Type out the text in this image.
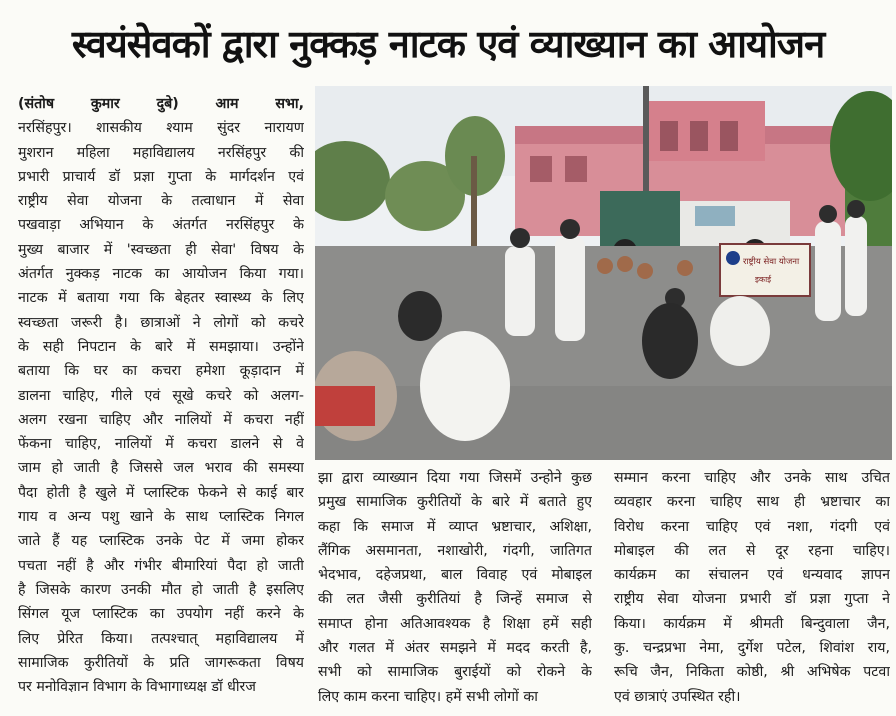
स्वयंसेवकों द्वारा नुक्कड़ नाटक एवं व्याख्यान का आयोजन
(संतोष कुमार दुबे) आम सभा,
नरसिंहपुर। शासकीय श्याम सुंदर नारायण
मुशरान महिला महाविद्यालय नरसिंहपुर की
प्रभारी प्राचार्य डॉ प्रज्ञा गुप्ता के मार्गदर्शन एवं
राष्ट्रीय सेवा योजना के तत्वाधान में सेवा
पखवाड़ा अभियान के अंतर्गत नरसिंहपुर के
मुख्य बाजार में 'स्वच्छता ही सेवा' विषय के
अंतर्गत नुक्कड़ नाटक का आयोजन किया गया।
नाटक में बताया गया कि बेहतर स्वास्थ्य के लिए
स्वच्छता जरूरी है। छात्राओं ने लोगों को कचरे
के सही निपटान के बारे में समझाया। उन्होंने
बताया कि घर का कचरा हमेशा कूड़ादान में
डालना चाहिए, गीले एवं सूखे कचरे को अलग-
अलग रखना चाहिए और नालियों में कचरा नहीं
फेंकना चाहिए, नालियों में कचरा डालने से वे
जाम हो जाती है जिससे जल भराव की समस्या
पैदा होती है खुले में प्लास्टिक फेकने से काई बार
गाय व अन्य पशु खाने के साथ प्लास्टिक निगल
जाते हैं यह प्लास्टिक उनके पेट में जमा होकर
पचता नहीं है और गंभीर बीमारियां पैदा हो जाती
है जिसके कारण उनकी मौत हो जाती है इसलिए
सिंगल यूज प्लास्टिक का उपयोग नहीं करने के
लिए प्रेरित किया। तत्पश्चात् महाविद्यालय में
सामाजिक कुरीतियों के प्रति जागरूकता विषय
पर मनोविज्ञान विभाग के विभागाध्यक्ष डॉ धीरज
राष्ट्रीय सेवा योजना
इकाई
झा द्वारा व्याख्यान दिया गया जिसमें उन्होने कुछ
प्रमुख सामाजिक कुरीतियों के बारे में बताते हुए
कहा कि समाज में व्याप्त भ्रष्टाचार, अशिक्षा,
लैंगिक असमानता, नशाखोरी, गंदगी, जातिगत
भेदभाव, दहेजप्रथा, बाल विवाह एवं मोबाइल
की लत जैसी कुरीतियां है जिन्हें समाज से
समाप्त होना अतिआवश्यक है शिक्षा हमें सही
और गलत में अंतर समझने में मदद करती है,
सभी को सामाजिक बुराईयों को रोकने के
लिए काम करना चाहिए। हमें सभी लोगों का
सम्मान करना चाहिए और उनके साथ उचित
व्यवहार करना चाहिए साथ ही भ्रष्टाचार का
विरोध करना चाहिए एवं नशा, गंदगी एवं
मोबाइल की लत से दूर रहना चाहिए।
कार्यक्रम का संचालन एवं धन्यवाद ज्ञापन
राष्ट्रीय सेवा योजना प्रभारी डॉ प्रज्ञा गुप्ता ने
किया। कार्यक्रम में श्रीमती बिन्दुवाला जैन,
कु. चन्द्रप्रभा नेमा, दुर्गेश पटेल, शिवांश राय,
रूचि जैन, निकिता कोष्ठी, श्री अभिषेक पटवा
एवं छात्राएं उपस्थित रही।
